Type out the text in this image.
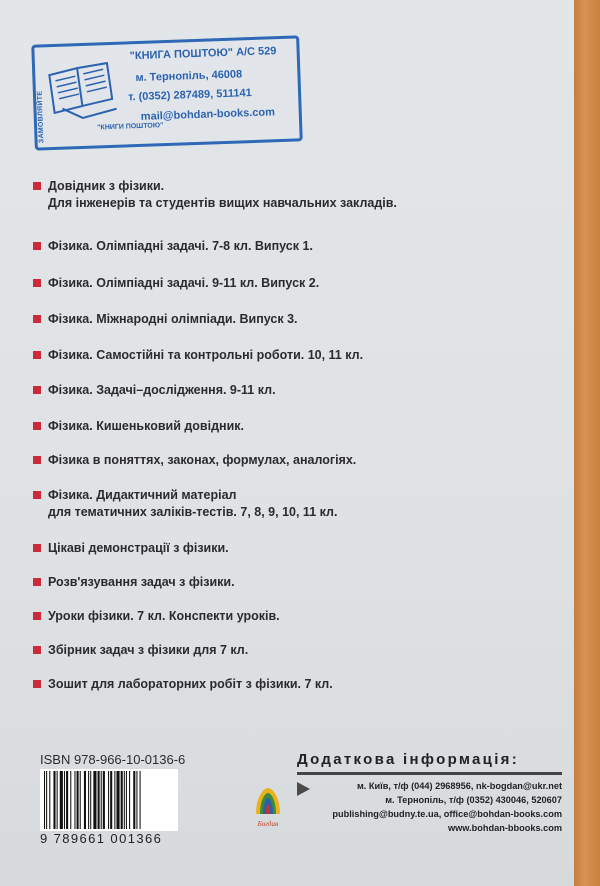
ЗАМОВЛЯЙТЕ	"КНИГИ ПОШТОЮ"
"КНИГА ПОШТОЮ" А/С 529
м. Тернопіль, 46008
т. (0352) 287489, 511141
mail@bohdan-books.com
Довідник з фізики.
Для інженерів та студентів вищих навчальних закладів.
Фізика. Олімпіадні задачі. 7-8 кл. Випуск 1.
Фізика. Олімпіадні задачі. 9-11 кл. Випуск 2.
Фізика. Міжнародні олімпіади. Випуск 3.
Фізика. Самостійні та контрольні роботи. 10, 11 кл.
Фізика. Задачі–дослідження. 9-11 кл.
Фізика. Кишеньковий довідник.
Фізика в поняттях, законах, формулах, аналогіях.
Фізика. Дидактичний матеріал
для тематичних заліків-тестів. 7, 8, 9, 10, 11 кл.
Цікаві демонстрації з фізики.
Розв'язування задач з фізики.
Уроки фізики. 7 кл. Конспекти уроків.
Збірник задач з фізики для 7 кл.
Зошит для лабораторних робіт з фізики. 7 кл.
ISBN 978-966-10-0136-6
9 789661 001366
Богдан
Додаткова інформація:
м. Київ, т/ф (044) 2968956, nk-bogdan@ukr.net
м. Тернопіль, т/ф (0352) 430046, 520607
publishing@budny.te.ua, office@bohdan-books.com
www.bohdan-bbooks.com
